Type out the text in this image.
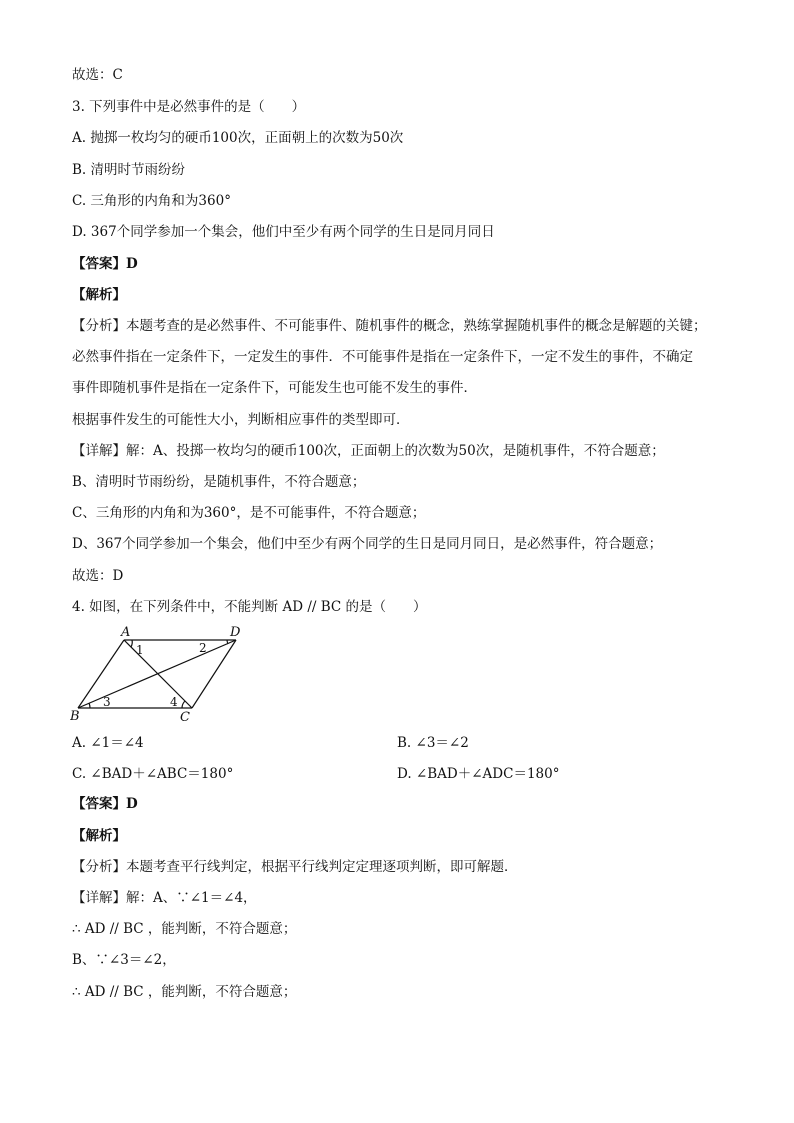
故选：C
3. 下列事件中是必然事件的是（　　）
A. 抛掷一枚均匀的硬币100次，正面朝上的次数为50次
B. 清明时节雨纷纷
C. 三角形的内角和为360°
D. 367个同学参加一个集会，他们中至少有两个同学的生日是同月同日
【答案】D
【解析】
【分析】本题考查的是必然事件、不可能事件、随机事件的概念，熟练掌握随机事件的概念是解题的关键；
必然事件指在一定条件下，一定发生的事件．不可能事件是指在一定条件下，一定不发生的事件，不确定
事件即随机事件是指在一定条件下，可能发生也可能不发生的事件．
根据事件发生的可能性大小，判断相应事件的类型即可．
【详解】解：A、投掷一枚均匀的硬币100次，正面朝上的次数为50次，是随机事件，不符合题意；
B、清明时节雨纷纷，是随机事件，不符合题意；
C、三角形的内角和为360°，是不可能事件，不符合题意；
D、367个同学参加一个集会，他们中至少有两个同学的生日是同月同日，是必然事件，符合题意；
故选：D
4. 如图，在下列条件中，不能判断 AD // BC 的是（　　）
A	D
B	C
1	2
3	4
A. ∠1＝∠4	B. ∠3＝∠2
C. ∠BAD＋∠ABC＝180°	D. ∠BAD＋∠ADC＝180°
【答案】D
【解析】
【分析】本题考查平行线判定，根据平行线判定定理逐项判断，即可解题．
【详解】解：A、∵∠1＝∠4，
∴ AD // BC ，能判断，不符合题意；
B、∵∠3＝∠2，
∴ AD // BC ，能判断，不符合题意；
